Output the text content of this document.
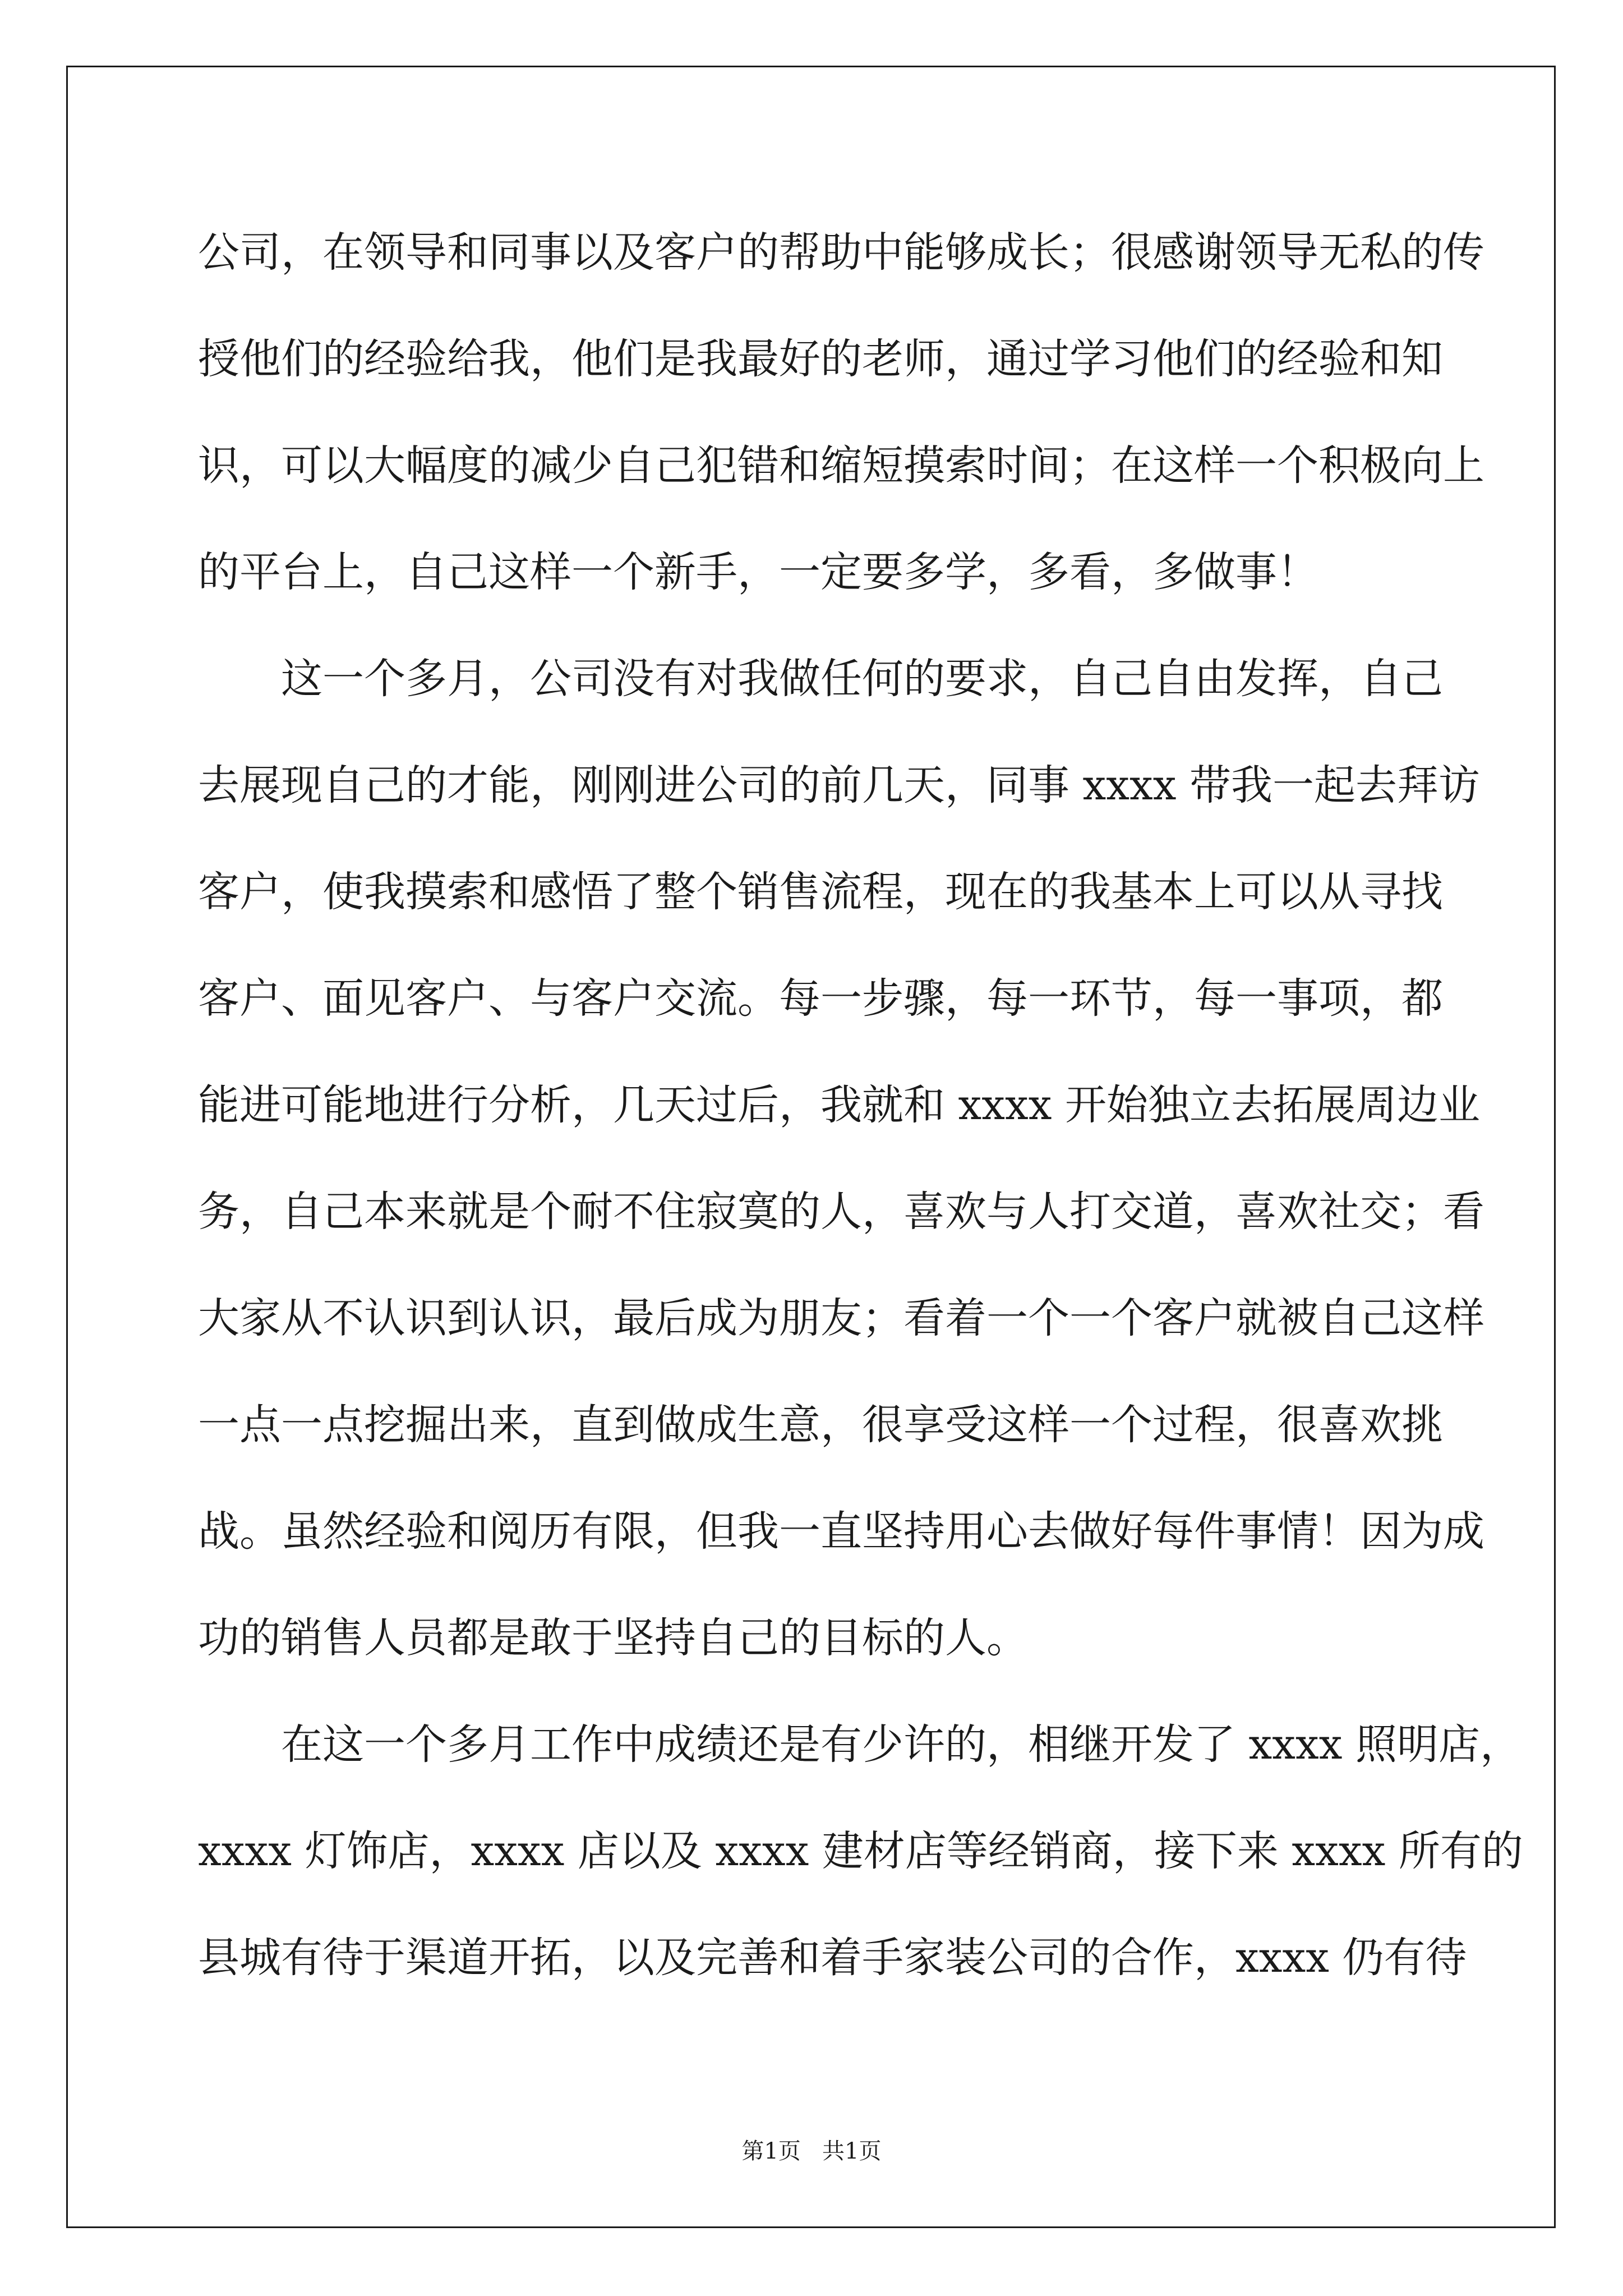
公司，在领导和同事以及客户的帮助中能够成长；很感谢领导无私的传
授他们的经验给我，他们是我最好的老师，通过学习他们的经验和知
识，可以大幅度的减少自己犯错和缩短摸索时间；在这样一个积极向上
的平台上，自己这样一个新手，一定要多学，多看，多做事！
这一个多月，公司没有对我做任何的要求，自己自由发挥，自己
去展现自己的才能，刚刚进公司的前几天，同事 xxxx 带我一起去拜访
客户，使我摸索和感悟了整个销售流程，现在的我基本上可以从寻找
客户、面见客户、与客户交流。每一步骤，每一环节，每一事项，都
能进可能地进行分析，几天过后，我就和 xxxx 开始独立去拓展周边业
务，自己本来就是个耐不住寂寞的人，喜欢与人打交道，喜欢社交；看
大家从不认识到认识，最后成为朋友；看着一个一个客户就被自己这样
一点一点挖掘出来，直到做成生意，很享受这样一个过程，很喜欢挑
战。虽然经验和阅历有限，但我一直坚持用心去做好每件事情！因为成
功的销售人员都是敢于坚持自己的目标的人。
在这一个多月工作中成绩还是有少许的，相继开发了 xxxx 照明店，
xxxx 灯饰店，xxxx 店以及 xxxx 建材店等经销商，接下来 xxxx 所有的
县城有待于渠道开拓，以及完善和着手家装公司的合作，xxxx 仍有待
第1页   共1页
